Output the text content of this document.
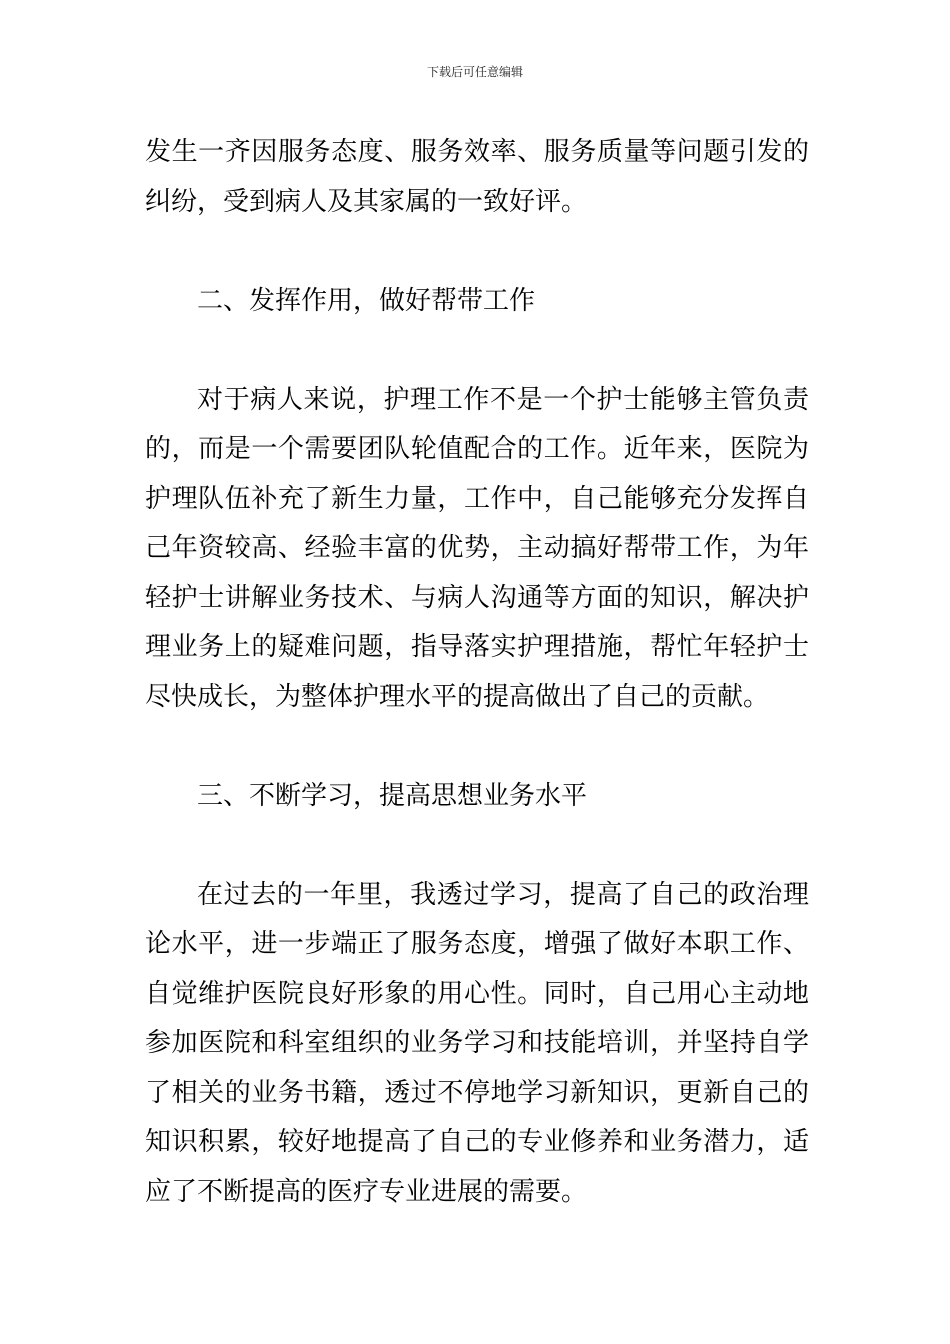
下载后可任意编辑

发生一齐因服务态度、服务效率、服务质量等问题引发的纠纷，受到病人及其家属的一致好评。

二、发挥作用，做好帮带工作

对于病人来说，护理工作不是一个护士能够主管负责的，而是一个需要团队轮值配合的工作。近年来，医院为护理队伍补充了新生力量，工作中，自己能够充分发挥自己年资较高、经验丰富的优势，主动搞好帮带工作，为年轻护士讲解业务技术、与病人沟通等方面的知识，解决护理业务上的疑难问题，指导落实护理措施，帮忙年轻护士尽快成长，为整体护理水平的提高做出了自己的贡献。

三、不断学习，提高思想业务水平

在过去的一年里，我透过学习，提高了自己的政治理论水平，进一步端正了服务态度，增强了做好本职工作、自觉维护医院良好形象的用心性。同时，自己用心主动地参加医院和科室组织的业务学习和技能培训，并坚持自学了相关的业务书籍，透过不停地学习新知识，更新自己的知识积累，较好地提高了自己的专业修养和业务潜力，适应了不断提高的医疗专业进展的需要。
